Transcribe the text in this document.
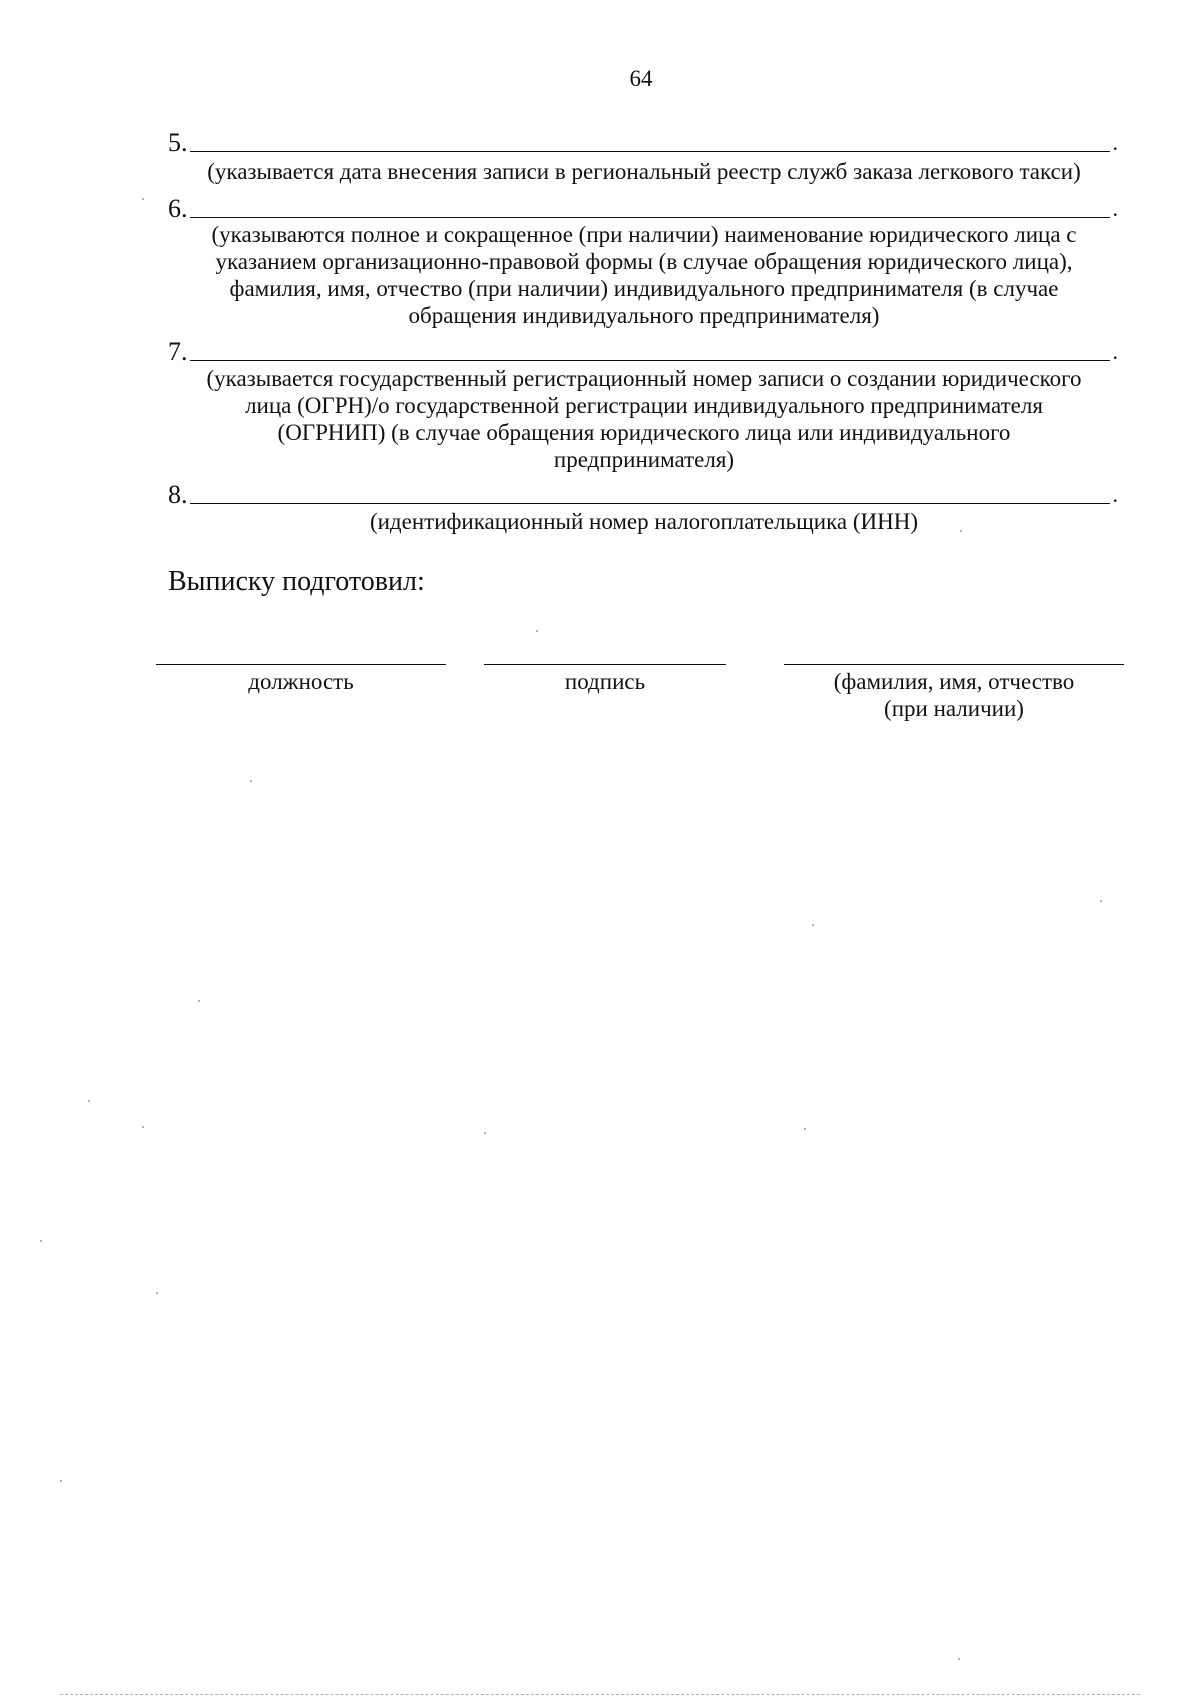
64
5.	.
(указывается дата внесения записи в региональный реестр служб заказа легкового такси)
6.	.
(указываются полное и сокращенное (при наличии) наименование юридического лица с
указанием организационно-правовой формы (в случае обращения юридического лица),
фамилия, имя, отчество (при наличии) индивидуального предпринимателя (в случае
обращения индивидуального предпринимателя)
7.	.
(указывается государственный регистрационный номер записи о создании юридического
лица (ОГРН)/о государственной регистрации индивидуального предпринимателя
(ОГРНИП) (в случае обращения юридического лица или индивидуального
предпринимателя)
8.	.
(идентификационный номер налогоплательщика (ИНН)
Выписку подготовил:
должность	подпись	(фамилия, имя, отчество
(при наличии)
